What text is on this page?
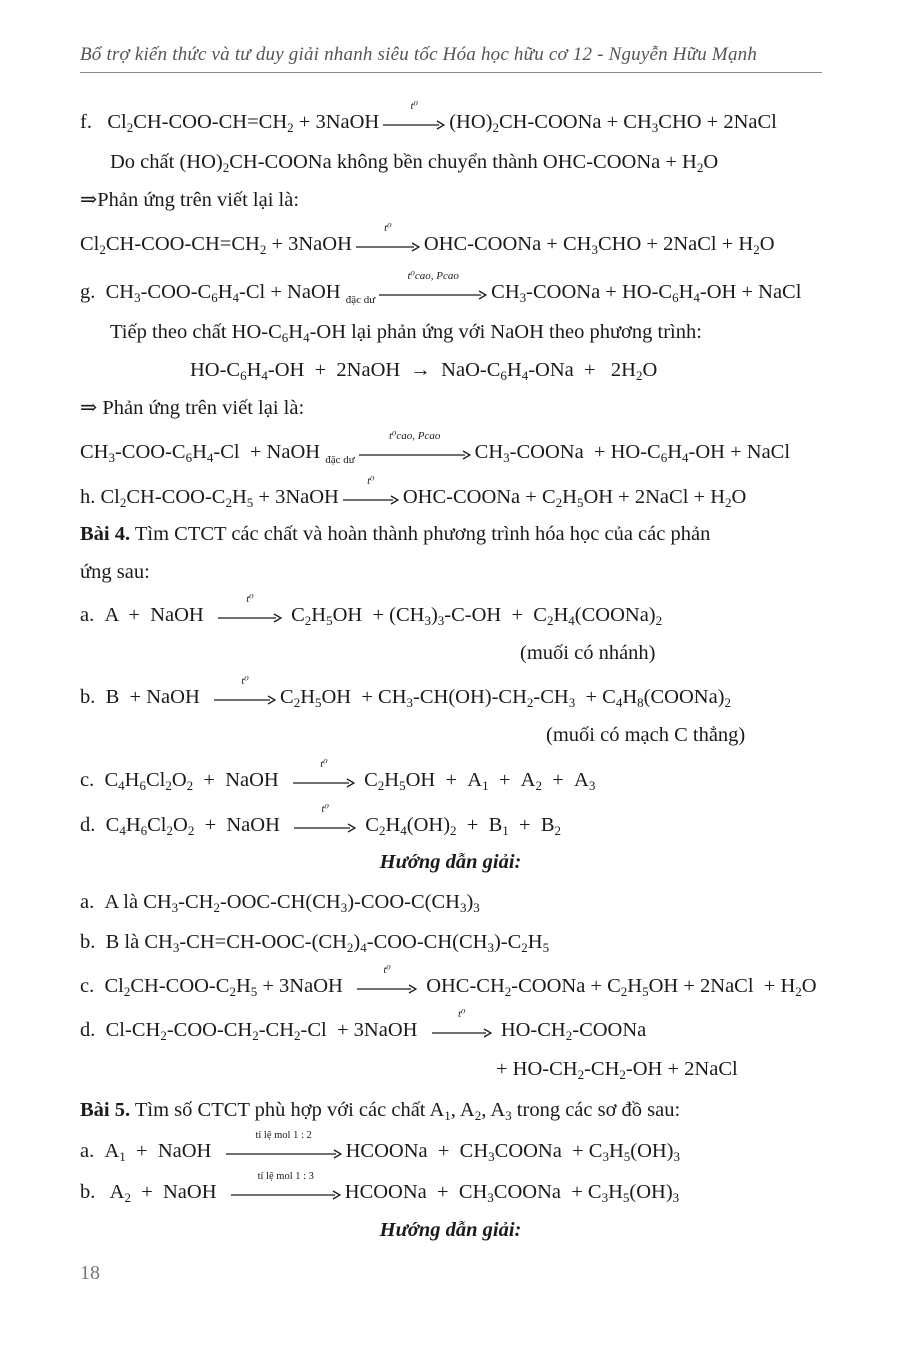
Bổ trợ kiến thức và tư duy giải nhanh siêu tốc Hóa học hữu cơ 12 - Nguyễn Hữu Mạnh
f.   $Cl_2CH-COO-CH=CH_2$ + 3NaOH
t⁰
$(HO)_2CH$-COONa + $CH_3CHO$ + 2NaCl
Do chất $(HO)_2CH$-COONa không bền chuyển thành OHC-COONa + $H_2O$
⇒Phản ứng trên viết lại là:
$Cl_2CH-COO-CH=CH_2$ + 3NaOH
t⁰
OHC-COONa + $CH_3CHO$ + 2NaCl + $H_2O$
g.  $CH_3-COO-C_6H_4-Cl$ + NaOH $_{đặc dư}$
t⁰cao, Pcao
$CH_3$-COONa + $HO-C_6H_4-OH$ + NaCl
Tiếp theo chất $HO-C_6H_4-OH$ lại phản ứng với NaOH theo phương trình:
$HO-C_6H_4-OH$  +  2NaOH  →  NaO-$C_6H_4$-ONa  +   $2H_2O$
⇒ Phản ứng trên viết lại là:
$CH_3-COO-C_6H_4-Cl$  + NaOH $_{đặc dư}$
t⁰cao, Pcao
$CH_3$-COONa  + $HO-C_6H_4-OH$ + NaCl
h. $Cl_2CH-COO-C_2H_5$ + 3NaOH
t⁰
OHC-COONa + $C_2H_5OH$ + 2NaCl + $H_2O$
Bài 4. Tìm CTCT các chất và hoàn thành phương trình hóa học của các phản
ứng sau:
a.  A  +  NaOH
t⁰
$C_2H_5OH + (CH_3)_3-C-OH$  +  $C_2H_4(COONa)_2$
(muối có nhánh)
b.  B  + NaOH
t⁰
$C_2H_5OH + CH_3-CH(OH)-CH_2-CH_3$  + $C_4H_8(COONa)_2$
(muối có mạch C thẳng)
c.  $C_4H_6Cl_2O_2$  +  NaOH
t⁰
$C_2H_5OH + A_1 + A_2 + A_3$
d.  $C_4H_6Cl_2O_2$  +  NaOH
t⁰
$C_2H_4(OH)_2 + B_1 + B_2$
Hướng dẫn giải:
a.  A là $CH_3-CH_2-OOC-CH(CH_3)-COO-C(CH_3)_3$
b.  B là $CH_3-CH=CH-OOC-(CH_2)_4-COO-CH(CH_3)-C_2H_5$
c.  $Cl_2CH-COO-C_2H_5$ + 3NaOH
t⁰
OHC-$CH_2$-COONa + $C_2H_5OH$ + 2NaCl  + $H_2O$
d.  $Cl-CH_2-COO-CH_2-CH_2-Cl$  + 3NaOH
t⁰
$HO-CH_2$-COONa
+ $HO-CH_2-CH_2-OH$ + 2NaCl
Bài 5. Tìm số CTCT phù hợp với các chất $A_1$, $A_2$, $A_3$ trong các sơ đồ sau:
a.  $A_1$  +  NaOH
tỉ lệ mol 1 : 2
HCOONa  +  $CH_3COONa + C_3H_5(OH)_3$
b.   $A_2$  +  NaOH
tỉ lệ mol 1 : 3
HCOONa  +  $CH_3COONa + C_3H_5(OH)_3$
Hướng dẫn giải:
18
